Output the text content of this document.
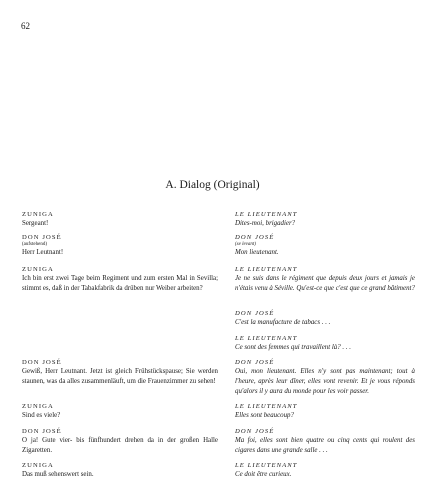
62
A. Dialog (Original)
ZUNIGA
Sergeant!
DON JOSÉ
(aufstehend)
Herr Leutnant!
ZUNIGA
Ich bin erst zwei Tage beim Regiment und zum ersten Mal in Sevilla; stimmt es, daß in der Tabakfabrik da drüben nur Weiber arbeiten?
DON JOSÉ
Gewiß, Herr Leutnant. Jetzt ist gleich Frühstückspause; Sie werden staunen, was da alles zusammenläuft, um die Frauenzimmer zu sehen!
ZUNIGA
Sind es viele?
DON JOSÉ
O ja! Gute vier- bis fünfhundert drehen da in der großen Halle Zigaretten.
ZUNIGA
Das muß sehenswert sein.
LE LIEUTENANT
Dites-moi, brigadier?
DON JOSÉ
(se levant)
Mon lieutenant.
LE LIEUTENANT
Je ne suis dans le régiment que depuis deux jours et jamais je n'étais venu à Séville. Qu'est-ce que c'est que ce grand bâtiment?
DON JOSÉ
C'est la manufacture de tabacs . . .
LE LIEUTENANT
Ce sont des femmes qui travaillent là? . . .
DON JOSÉ
Oui, mon lieutenant. Elles n'y sont pas maintenant; tout à l'heure, après leur dîner, elles vont revenir. Et je vous réponds qu'alors il y aura du monde pour les voir passer.
LE LIEUTENANT
Elles sont beaucoup?
DON JOSÉ
Ma foi, elles sont bien quatre ou cinq cents qui roulent des cigares dans une grande salle . . .
LE LIEUTENANT
Ce doit être curieux.
